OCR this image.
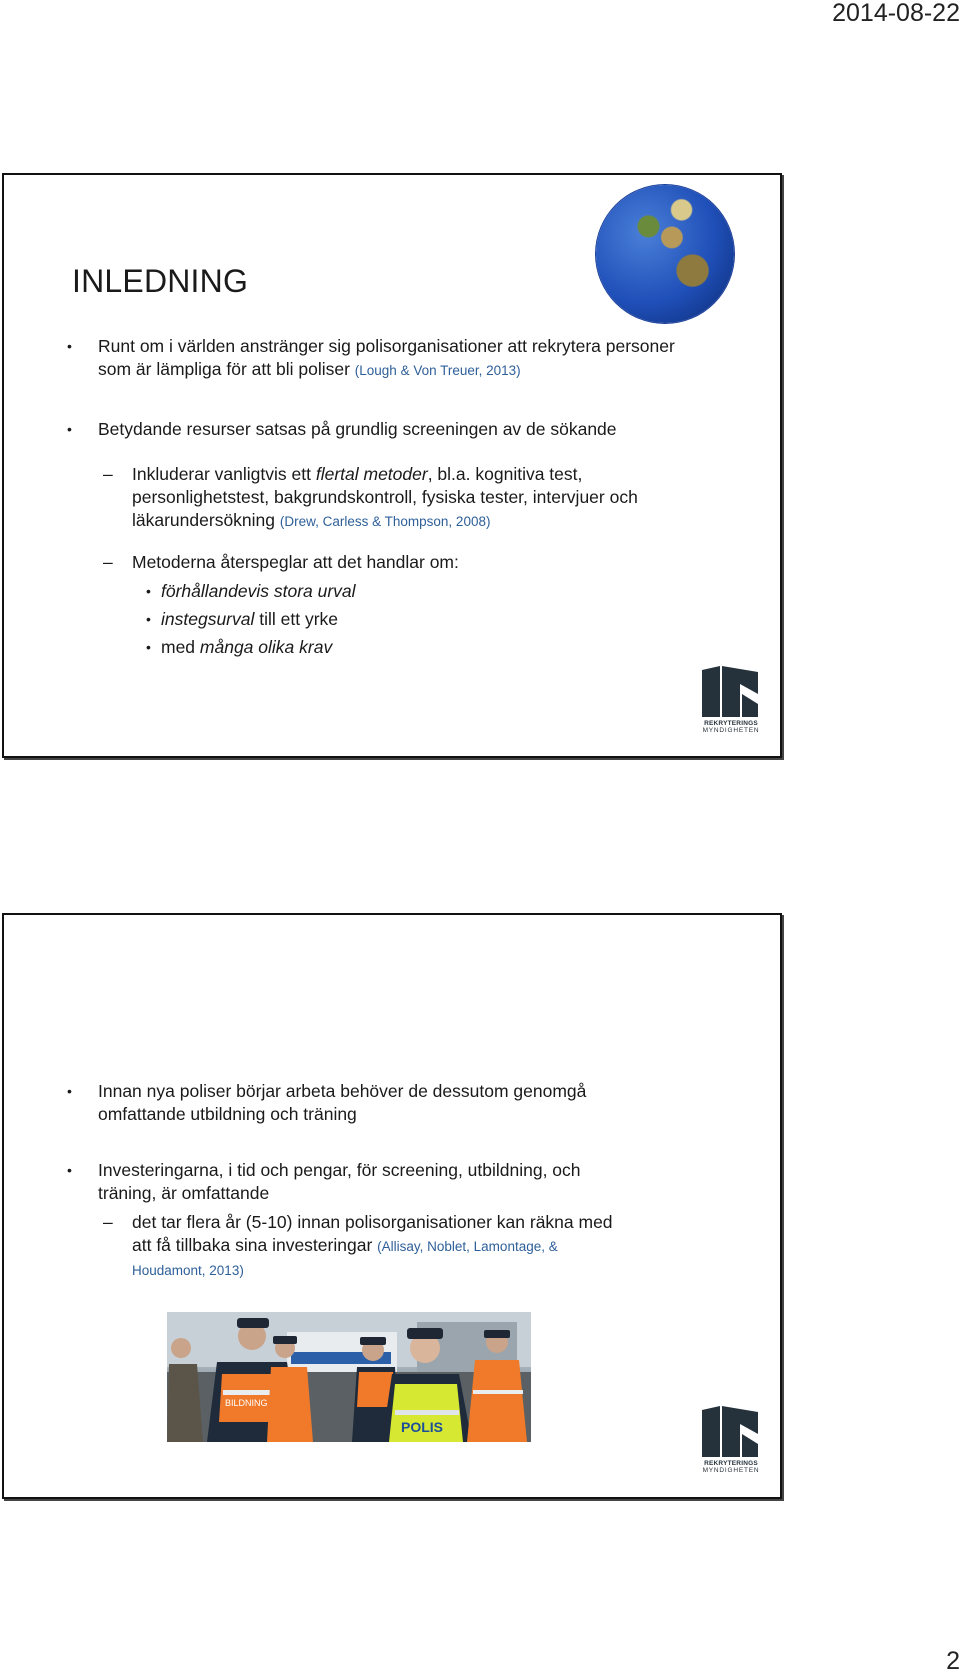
2014-08-22
INLEDNING
• Runt om i världen anstränger sig polisorganisationer att rekrytera personer som är lämpliga för att bli poliser (Lough & Von Treuer, 2013)
• Betydande resurser satsas på grundlig screeningen av de sökande
– Inkluderar vanligtvis ett flertal metoder, bl.a. kognitiva test, personlighetstest, bakgrundskontroll, fysiska tester, intervjuer och läkarundersökning (Drew, Carless & Thompson, 2008)
– Metoderna återspeglar att det handlar om:
• förhållandevis stora urval
• instegsurval till ett yrke
• med många olika krav
REKRYTERINGS
MYNDIGHETEN
• Innan nya poliser börjar arbeta behöver de dessutom genomgå omfattande utbildning och träning
• Investeringarna, i tid och pengar, för screening, utbildning, och träning, är omfattande
– det tar flera år (5-10) innan polisorganisationer kan räkna med att få tillbaka sina investeringar (Allisay, Noblet, Lamontage, & Houdamont, 2013)
BILDNING
POLIS
REKRYTERINGS
MYNDIGHETEN
2
